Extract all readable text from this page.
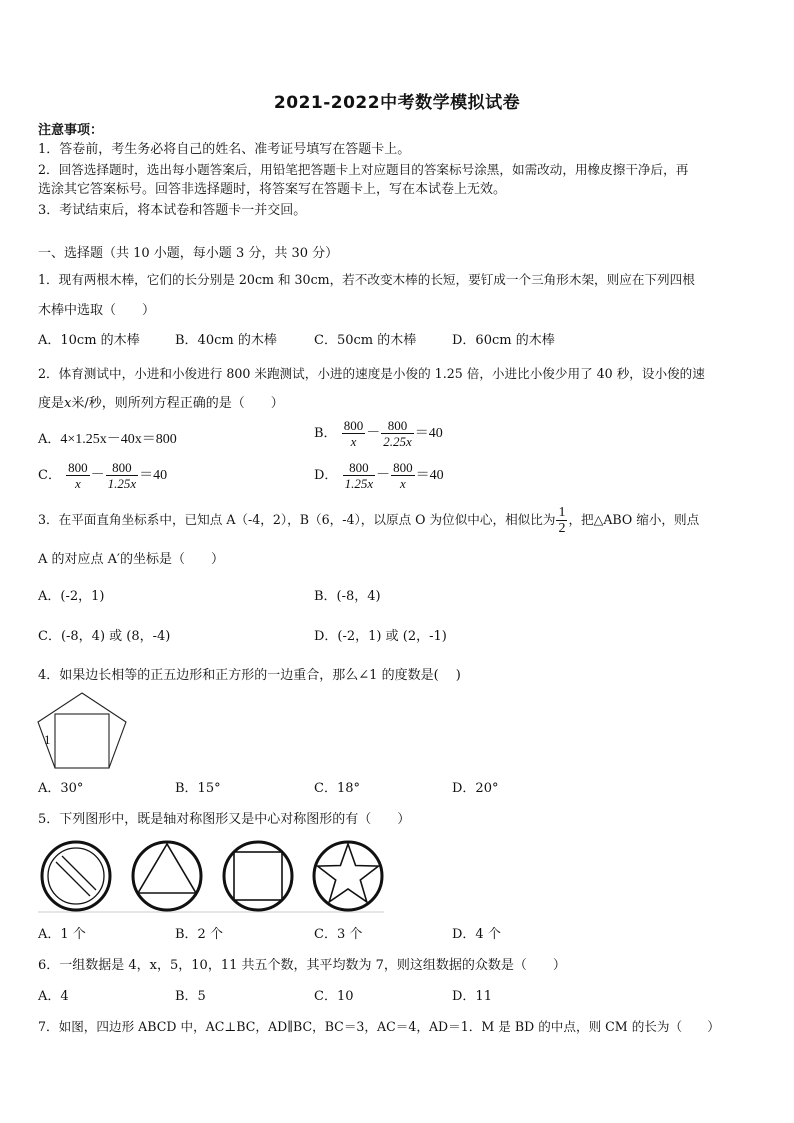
2021-2022中考数学模拟试卷
注意事项：
1．答卷前，考生务必将自己的姓名、准考证号填写在答题卡上。
2．回答选择题时，选出每小题答案后，用铅笔把答题卡上对应题目的答案标号涂黑，如需改动，用橡皮擦干净后，再
选涂其它答案标号。回答非选择题时，将答案写在答题卡上，写在本试卷上无效。
3．考试结束后，将本试卷和答题卡一并交回。
一、选择题（共 10 小题，每小题 3 分，共 30 分）
1．现有两根木棒，它们的长分别是 20cm 和 30cm，若不改变木棒的长短，要钉成一个三角形木架，则应在下列四根
木棒中选取（　　）
A．10cm 的木棒	B．40cm 的木棒	C．50cm 的木棒	D．60cm 的木棒
2．体育测试中，小进和小俊进行 800 米跑测试，小进的速度是小俊的 1.25 倍，小进比小俊少用了 40 秒，设小俊的速
度是x米/秒，则所列方程正确的是（　　）
A．4×1.25x－40x＝800	B． $\frac{800}{x} - \frac{800}{2.25x} =40$
C． $\frac{800}{x} - \frac{800}{1.25x} =40$	D． $\frac{800}{1.25x} - \frac{800}{x} =40$
3．在平面直角坐标系中，已知点 A（-4，2），B（6，-4），以原点 O 为位似中心，相似比为 $\frac{1}{2}$ ，把△ABO 缩小，则点
A 的对应点 A′的坐标是（　　）
A．(-2，1)	B．(-8，4)
C．(-8，4) 或 (8，-4)	D．(-2，1) 或 (2，-1)
4．如果边长相等的正五边形和正方形的一边重合，那么∠1 的度数是(　 )
1
A．30°	B．15°	C．18°	D．20°
5．下列图形中，既是轴对称图形又是中心对称图形的有（　　）
A．1 个	B．2 个	C．3 个	D．4 个
6．一组数据是 4，x，5，10，11 共五个数，其平均数为 7，则这组数据的众数是（　　）
A．4	B．5	C．10	D．11
7．如图，四边形 ABCD 中，AC⊥BC，AD∥BC，BC＝3，AC＝4，AD＝1．M 是 BD 的中点，则 CM 的长为（　　）
